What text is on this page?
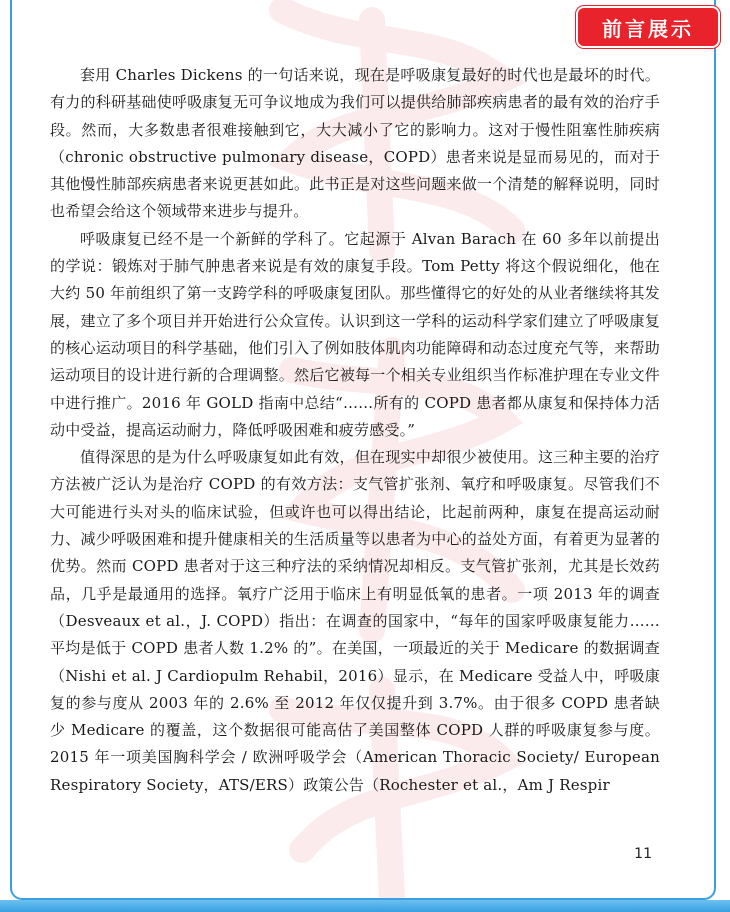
前言展示

套用 Charles Dickens 的一句话来说，现在是呼吸康复最好的时代也是最坏的时代。有力的科研基础使呼吸康复无可争议地成为我们可以提供给肺部疾病患者的最有效的治疗手段。然而，大多数患者很难接触到它，大大减小了它的影响力。这对于慢性阻塞性肺疾病（chronic obstructive pulmonary disease，COPD）患者来说是显而易见的，而对于其他慢性肺部疾病患者来说更甚如此。此书正是对这些问题来做一个清楚的解释说明，同时也希望会给这个领域带来进步与提升。

呼吸康复已经不是一个新鲜的学科了。它起源于 Alvan Barach 在 60 多年以前提出的学说：锻炼对于肺气肿患者来说是有效的康复手段。Tom Petty 将这个假说细化，他在大约 50 年前组织了第一支跨学科的呼吸康复团队。那些懂得它的好处的从业者继续将其发展，建立了多个项目并开始进行公众宣传。认识到这一学科的运动科学家们建立了呼吸康复的核心运动项目的科学基础，他们引入了例如肢体肌肉功能障碍和动态过度充气等，来帮助运动项目的设计进行新的合理调整。然后它被每一个相关专业组织当作标准护理在专业文件中进行推广。2016 年 GOLD 指南中总结“……所有的 COPD 患者都从康复和保持体力活动中受益，提高运动耐力，降低呼吸困难和疲劳感受。”

值得深思的是为什么呼吸康复如此有效，但在现实中却很少被使用。这三种主要的治疗方法被广泛认为是治疗 COPD 的有效方法：支气管扩张剂、氧疗和呼吸康复。尽管我们不大可能进行头对头的临床试验，但或许也可以得出结论，比起前两种，康复在提高运动耐力、减少呼吸困难和提升健康相关的生活质量等以患者为中心的益处方面，有着更为显著的优势。然而 COPD 患者对于这三种疗法的采纳情况却相反。支气管扩张剂，尤其是长效药品，几乎是最通用的选择。氧疗广泛用于临床上有明显低氧的患者。一项 2013 年的调查（Desveaux et al.，J. COPD）指出：在调查的国家中，“每年的国家呼吸康复能力……平均是低于 COPD 患者人数 1.2% 的”。在美国，一项最近的关于 Medicare 的数据调查（Nishi et al. J Cardiopulm Rehabil，2016）显示，在 Medicare 受益人中，呼吸康复的参与度从 2003 年的 2.6% 至 2012 年仅仅提升到 3.7%。由于很多 COPD 患者缺少 Medicare 的覆盖，这个数据很可能高估了美国整体 COPD 人群的呼吸康复参与度。2015 年一项美国胸科学会 / 欧洲呼吸学会（American Thoracic Society/ European Respiratory Society，ATS/ERS）政策公告（Rochester et al.，Am J Respir

11
